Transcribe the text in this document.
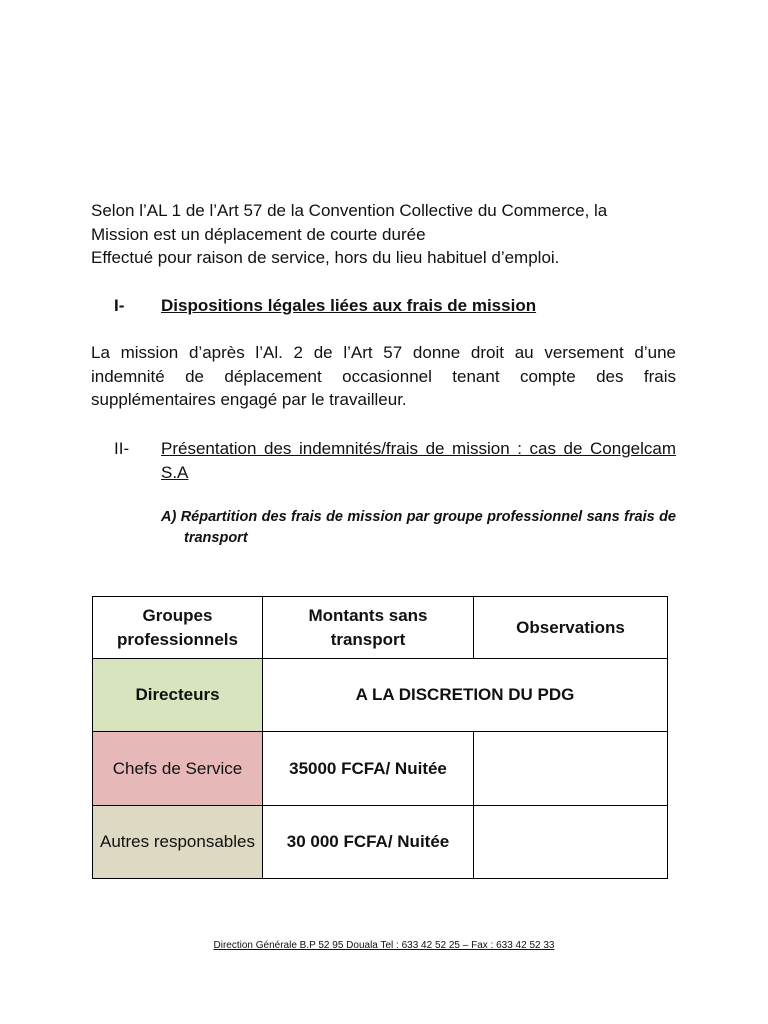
Selon l’AL 1 de l’Art 57 de la Convention Collective du Commerce, la
Mission est un déplacement de courte durée
Effectué pour raison de service, hors du lieu habituel d’emploi.
I- Dispositions légales liées aux frais de mission
La mission d’après l’Al. 2 de l’Art 57 donne droit au versement d’une indemnité de déplacement occasionnel tenant compte des frais supplémentaires engagé par le travailleur.
II- Présentation des indemnités/frais de mission : cas de Congelcam S.A
A) Répartition des frais de mission par groupe professionnel sans frais de transport
Groupes professionnels	Montants sans transport	Observations
Directeurs	A LA DISCRETION DU PDG	
Chefs de Service	35000 FCFA/ Nuitée	
Autres responsables	30 000 FCFA/ Nuitée	
Direction Générale B.P 52 95 Douala Tel : 633 42 52 25 – Fax : 633 42 52 33
